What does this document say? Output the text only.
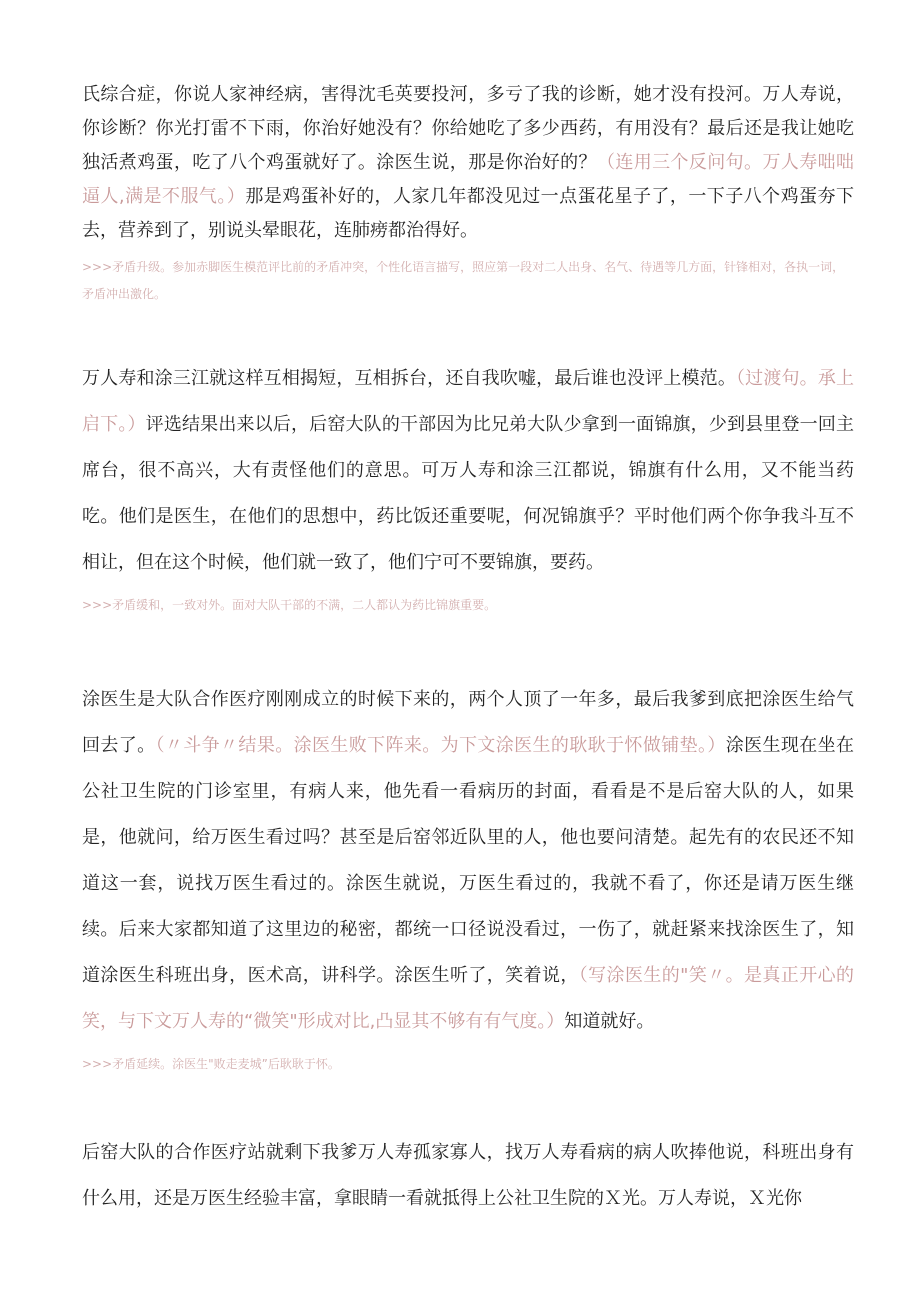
氏综合症，你说人家神经病，害得沈毛英要投河，多亏了我的诊断，她才没有投河。万人寿说，你诊断？你光打雷不下雨，你治好她没有？你给她吃了多少西药，有用没有？最后还是我让她吃独活煮鸡蛋，吃了八个鸡蛋就好了。涂医生说，那是你治好的？（连用三个反问句。万人寿咄咄逼人,满是不服气。）那是鸡蛋补好的，人家几年都没见过一点蛋花星子了，一下子八个鸡蛋夯下去，营养到了，别说头晕眼花，连肺痨都治得好。

>>>矛盾升级。参加赤脚医生模范评比前的矛盾冲突，个性化语言描写，照应第一段对二人出身、名气、待遇等几方面，针锋相对，各执一词，矛盾冲出激化。

万人寿和涂三江就这样互相揭短，互相拆台，还自我吹嘘，最后谁也没评上模范。（过渡句。承上启下。）评选结果出来以后，后窑大队的干部因为比兄弟大队少拿到一面锦旗，少到县里登一回主席台，很不高兴，大有责怪他们的意思。可万人寿和涂三江都说，锦旗有什么用，又不能当药吃。他们是医生，在他们的思想中，药比饭还重要呢，何况锦旗乎？平时他们两个你争我斗互不相让，但在这个时候，他们就一致了，他们宁可不要锦旗，要药。

>>>矛盾缓和，一致对外。面对大队干部的不满，二人都认为药比锦旗重要。

涂医生是大队合作医疗刚刚成立的时候下来的，两个人顶了一年多，最后我爹到底把涂医生给气回去了。（〃斗争〃结果。涂医生败下阵来。为下文涂医生的耿耿于怀做铺垫。）涂医生现在坐在公社卫生院的门诊室里，有病人来，他先看一看病历的封面，看看是不是后窑大队的人，如果是，他就问，给万医生看过吗？甚至是后窑邻近队里的人，他也要问清楚。起先有的农民还不知道这一套，说找万医生看过的。涂医生就说，万医生看过的，我就不看了，你还是请万医生继续。后来大家都知道了这里边的秘密，都统一口径说没看过，一伤了，就赶紧来找涂医生了，知道涂医生科班出身，医术高，讲科学。涂医生听了，笑着说，（写涂医生的"笑〃。是真正开心的笑，与下文万人寿的“微笑"形成对比,凸显其不够有有气度。）知道就好。

>>>矛盾延续。涂医生"败走麦城”后耿耿于怀。

后窑大队的合作医疗站就剩下我爹万人寿孤家寡人，找万人寿看病的病人吹捧他说，科班出身有什么用，还是万医生经验丰富，拿眼睛一看就抵得上公社卫生院的Ｘ光。万人寿说，Ｘ光你
